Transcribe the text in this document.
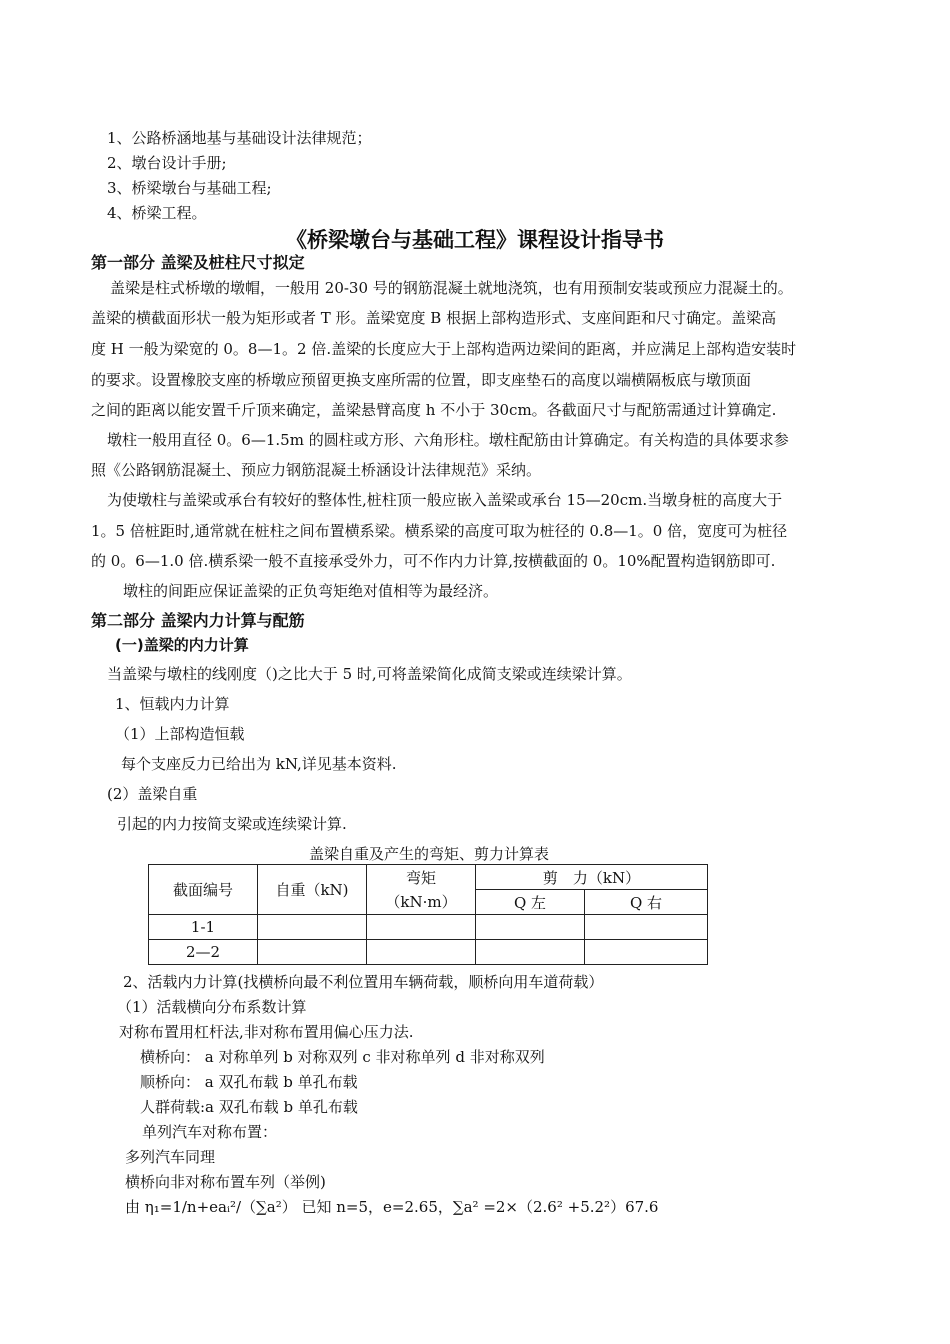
1、公路桥涵地基与基础设计法律规范；
2、墩台设计手册;
3、桥梁墩台与基础工程;
4、桥梁工程。
《桥梁墩台与基础工程》课程设计指导书
第一部分 盖梁及桩柱尺寸拟定
盖梁是柱式桥墩的墩帽，一般用 20-30 号的钢筋混凝土就地浇筑，也有用预制安装或预应力混凝土的。
盖梁的横截面形状一般为矩形或者 T 形。盖梁宽度 B 根据上部构造形式、支座间距和尺寸确定。盖梁高
度 H 一般为梁宽的 0。8—1。2 倍.盖梁的长度应大于上部构造两边梁间的距离，并应满足上部构造安装时
的要求。设置橡胶支座的桥墩应预留更换支座所需的位置，即支座垫石的高度以端横隔板底与墩顶面
之间的距离以能安置千斤顶来确定，盖梁悬臂高度 h 不小于 30cm。各截面尺寸与配筋需通过计算确定.
墩柱一般用直径 0。6—1.5m 的圆柱或方形、六角形柱。墩柱配筋由计算确定。有关构造的具体要求参
照《公路钢筋混凝土、预应力钢筋混凝土桥涵设计法律规范》采纳。
为使墩柱与盖梁或承台有较好的整体性,桩柱顶一般应嵌入盖梁或承台 15—20cm.当墩身桩的高度大于
1。5 倍桩距时,通常就在桩柱之间布置横系梁。横系梁的高度可取为桩径的 0.8—1。0 倍，宽度可为桩径
的 0。6—1.0 倍.横系梁一般不直接承受外力，可不作内力计算,按横截面的 0。10%配置构造钢筋即可.
墩柱的间距应保证盖梁的正负弯矩绝对值相等为最经济。
第二部分 盖梁内力计算与配筋
(一)盖梁的内力计算
当盖梁与墩柱的线刚度（)之比大于 5 时,可将盖梁简化成简支梁或连续梁计算。
1、恒载内力计算
（1）上部构造恒载
每个支座反力已给出为 kN,详见基本资料.
(2）盖梁自重
引起的内力按简支梁或连续梁计算.
盖梁自重及产生的弯矩、剪力计算表
截面编号	自重（kN)	弯矩	剪　力（kN）	
		（kN·m）	Q 左	Q 右
1-1				
2—2				
2、活载内力计算(找横桥向最不利位置用车辆荷载，顺桥向用车道荷载）
（1）活载横向分布系数计算
对称布置用杠杆法,非对称布置用偏心压力法.
横桥向： a 对称单列 b 对称双列 c 非对称单列 d 非对称双列
顺桥向： a 双孔布载 b 单孔布载
人群荷载:a 双孔布载 b 单孔布载
单列汽车对称布置：
多列汽车同理
横桥向非对称布置车列（举例)
由 η₁=1/n+eaᵢ²/（∑a²） 已知 n=5，e=2.65，∑a² =2×（2.6² +5.2²）67.6
